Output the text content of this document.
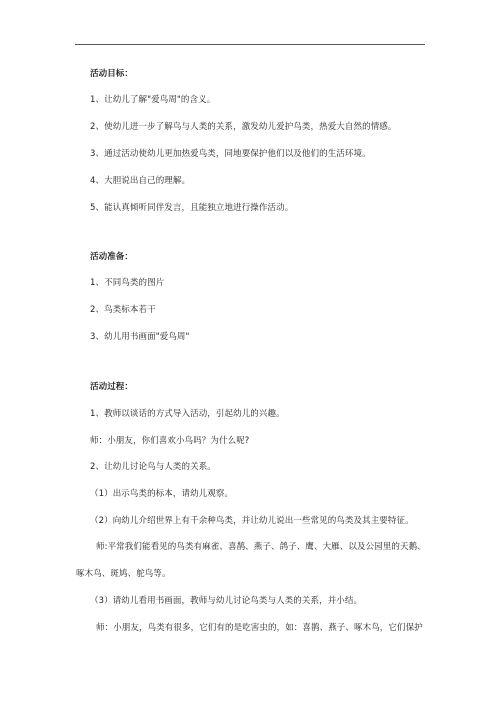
活动目标：
1、让幼儿了解"爱鸟周"的含义。
2、使幼儿进一步了解鸟与人类的关系，激发幼儿爱护鸟类，热爱大自然的情感。
3、通过活动使幼儿更加热爱鸟类，同地要保护他们以及他们的生活环境。
4、大胆说出自己的理解。
5、能认真倾听同伴发言，且能独立地进行操作活动。
活动准备：
1、不同鸟类的图片
2、鸟类标本若干
3、幼儿用书画面"爱鸟周"
活动过程：
1、教师以谈话的方式导入活动，引起幼儿的兴趣。
师：小朋友，你们喜欢小鸟吗？为什么呢?
2、让幼儿讨论鸟与人类的关系。
（1）出示鸟类的标本，请幼儿观察。
（2）向幼儿介绍世界上有千余种鸟类，并让幼儿说出一些常见的鸟类及其主要特征。
师:平常我们能看见的鸟类有麻雀、喜鹊、燕子、鸽子、鹰、大雁、以及公园里的天鹅、
啄木鸟、斑鸠、鸵鸟等。
（3）请幼儿看用书画面，教师与幼儿讨论鸟类与人类的关系，并小结。
师：小朋友，鸟类有很多，它们有的是吃害虫的，如：喜鹊、燕子、啄木鸟，它们保护
